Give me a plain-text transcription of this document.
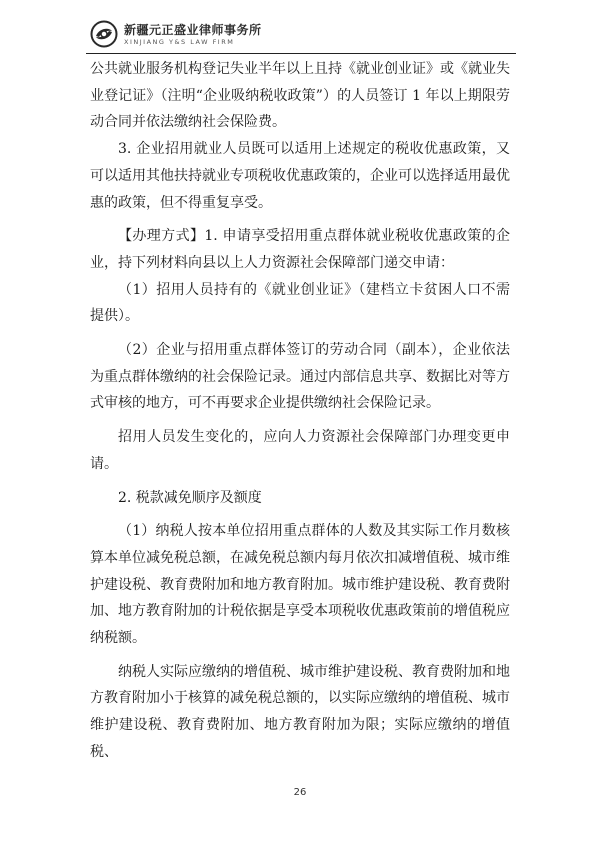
新疆元正盛业律师事务所
XINJIANG Y&S LAW FIRM

公共就业服务机构登记失业半年以上且持《就业创业证》或《就业失业登记证》（注明“企业吸纳税收政策”）的人员签订 1 年以上期限劳动合同并依法缴纳社会保险费。

3. 企业招用就业人员既可以适用上述规定的税收优惠政策，又可以适用其他扶持就业专项税收优惠政策的，企业可以选择适用最优惠的政策，但不得重复享受。

【办理方式】1. 申请享受招用重点群体就业税收优惠政策的企业，持下列材料向县以上人力资源社会保障部门递交申请：

（1）招用人员持有的《就业创业证》（建档立卡贫困人口不需提供）。

（2）企业与招用重点群体签订的劳动合同（副本），企业依法为重点群体缴纳的社会保险记录。通过内部信息共享、数据比对等方式审核的地方，可不再要求企业提供缴纳社会保险记录。

招用人员发生变化的，应向人力资源社会保障部门办理变更申请。

2. 税款减免顺序及额度

（1）纳税人按本单位招用重点群体的人数及其实际工作月数核算本单位减免税总额，在减免税总额内每月依次扣减增值税、城市维护建设税、教育费附加和地方教育附加。城市维护建设税、教育费附加、地方教育附加的计税依据是享受本项税收优惠政策前的增值税应纳税额。

纳税人实际应缴纳的增值税、城市维护建设税、教育费附加和地方教育附加小于核算的减免税总额的，以实际应缴纳的增值税、城市维护建设税、教育费附加、地方教育附加为限；实际应缴纳的增值税、

26
